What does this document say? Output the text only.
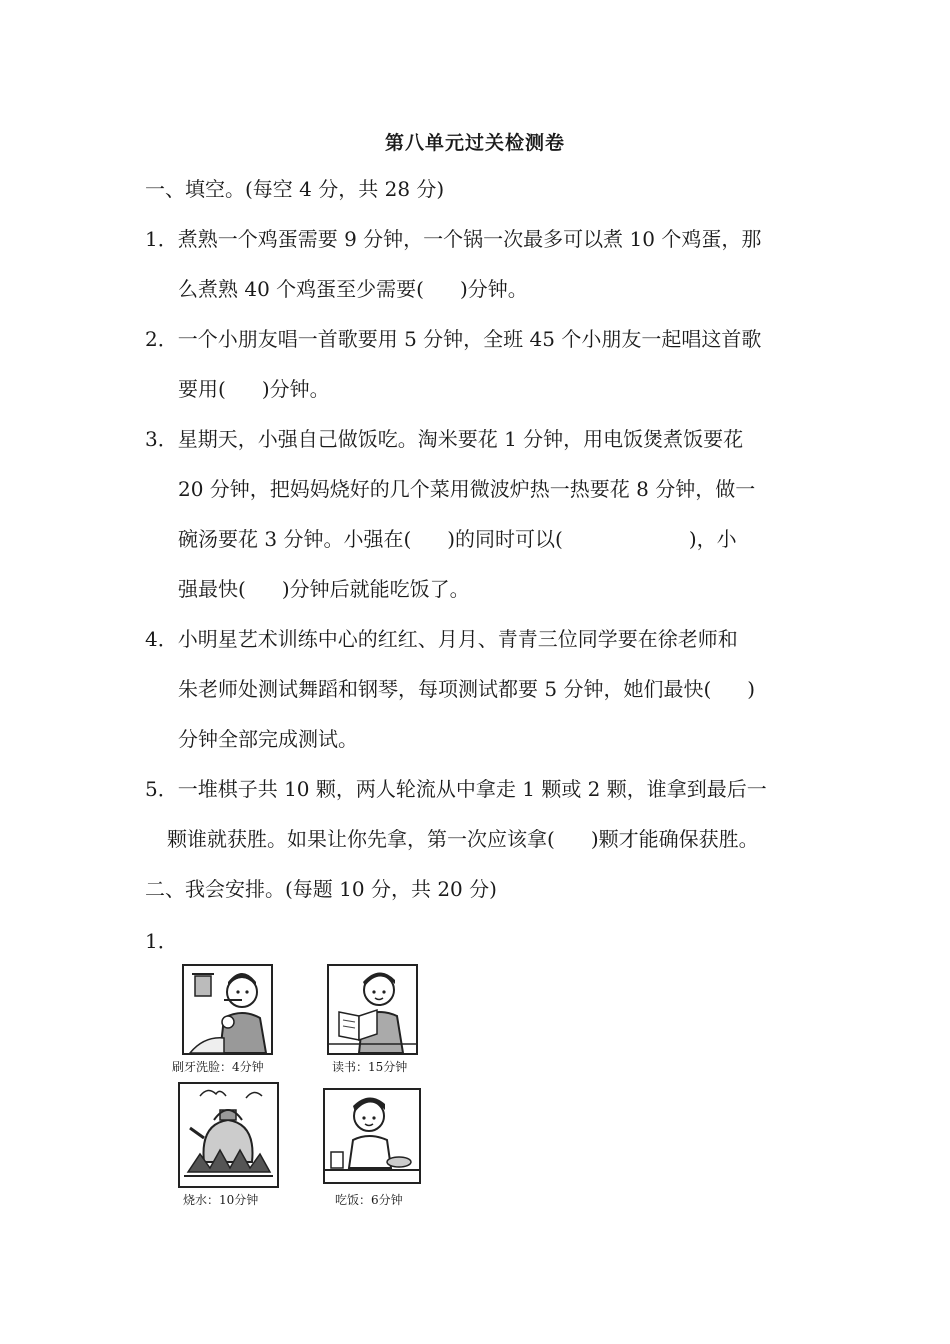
第八单元过关检测卷
一、填空。(每空 4 分，共 28 分)
1．煮熟一个鸡蛋需要 9 分钟，一个锅一次最多可以煮 10 个鸡蛋，那
么煮熟 40 个鸡蛋至少需要( )分钟。
2．一个小朋友唱一首歌要用 5 分钟，全班 45 个小朋友一起唱这首歌
要用( )分钟。
3．星期天，小强自己做饭吃。淘米要花 1 分钟，用电饭煲煮饭要花
20 分钟，把妈妈烧好的几个菜用微波炉热一热要花 8 分钟，做一
碗汤要花 3 分钟。小强在( )的同时可以(	)，小
强最快( )分钟后就能吃饭了。
4．小明星艺术训练中心的红红、月月、青青三位同学要在徐老师和
朱老师处测试舞蹈和钢琴，每项测试都要 5 分钟，她们最快( )
分钟全部完成测试。
5．一堆棋子共 10 颗，两人轮流从中拿走 1 颗或 2 颗，谁拿到最后一
颗谁就获胜。如果让你先拿，第一次应该拿( )颗才能确保获胜。
二、我会安排。(每题 10 分，共 20 分)
1．
刷牙洗脸：4分钟	读书：15分钟
烧水：10分钟	吃饭：6分钟
